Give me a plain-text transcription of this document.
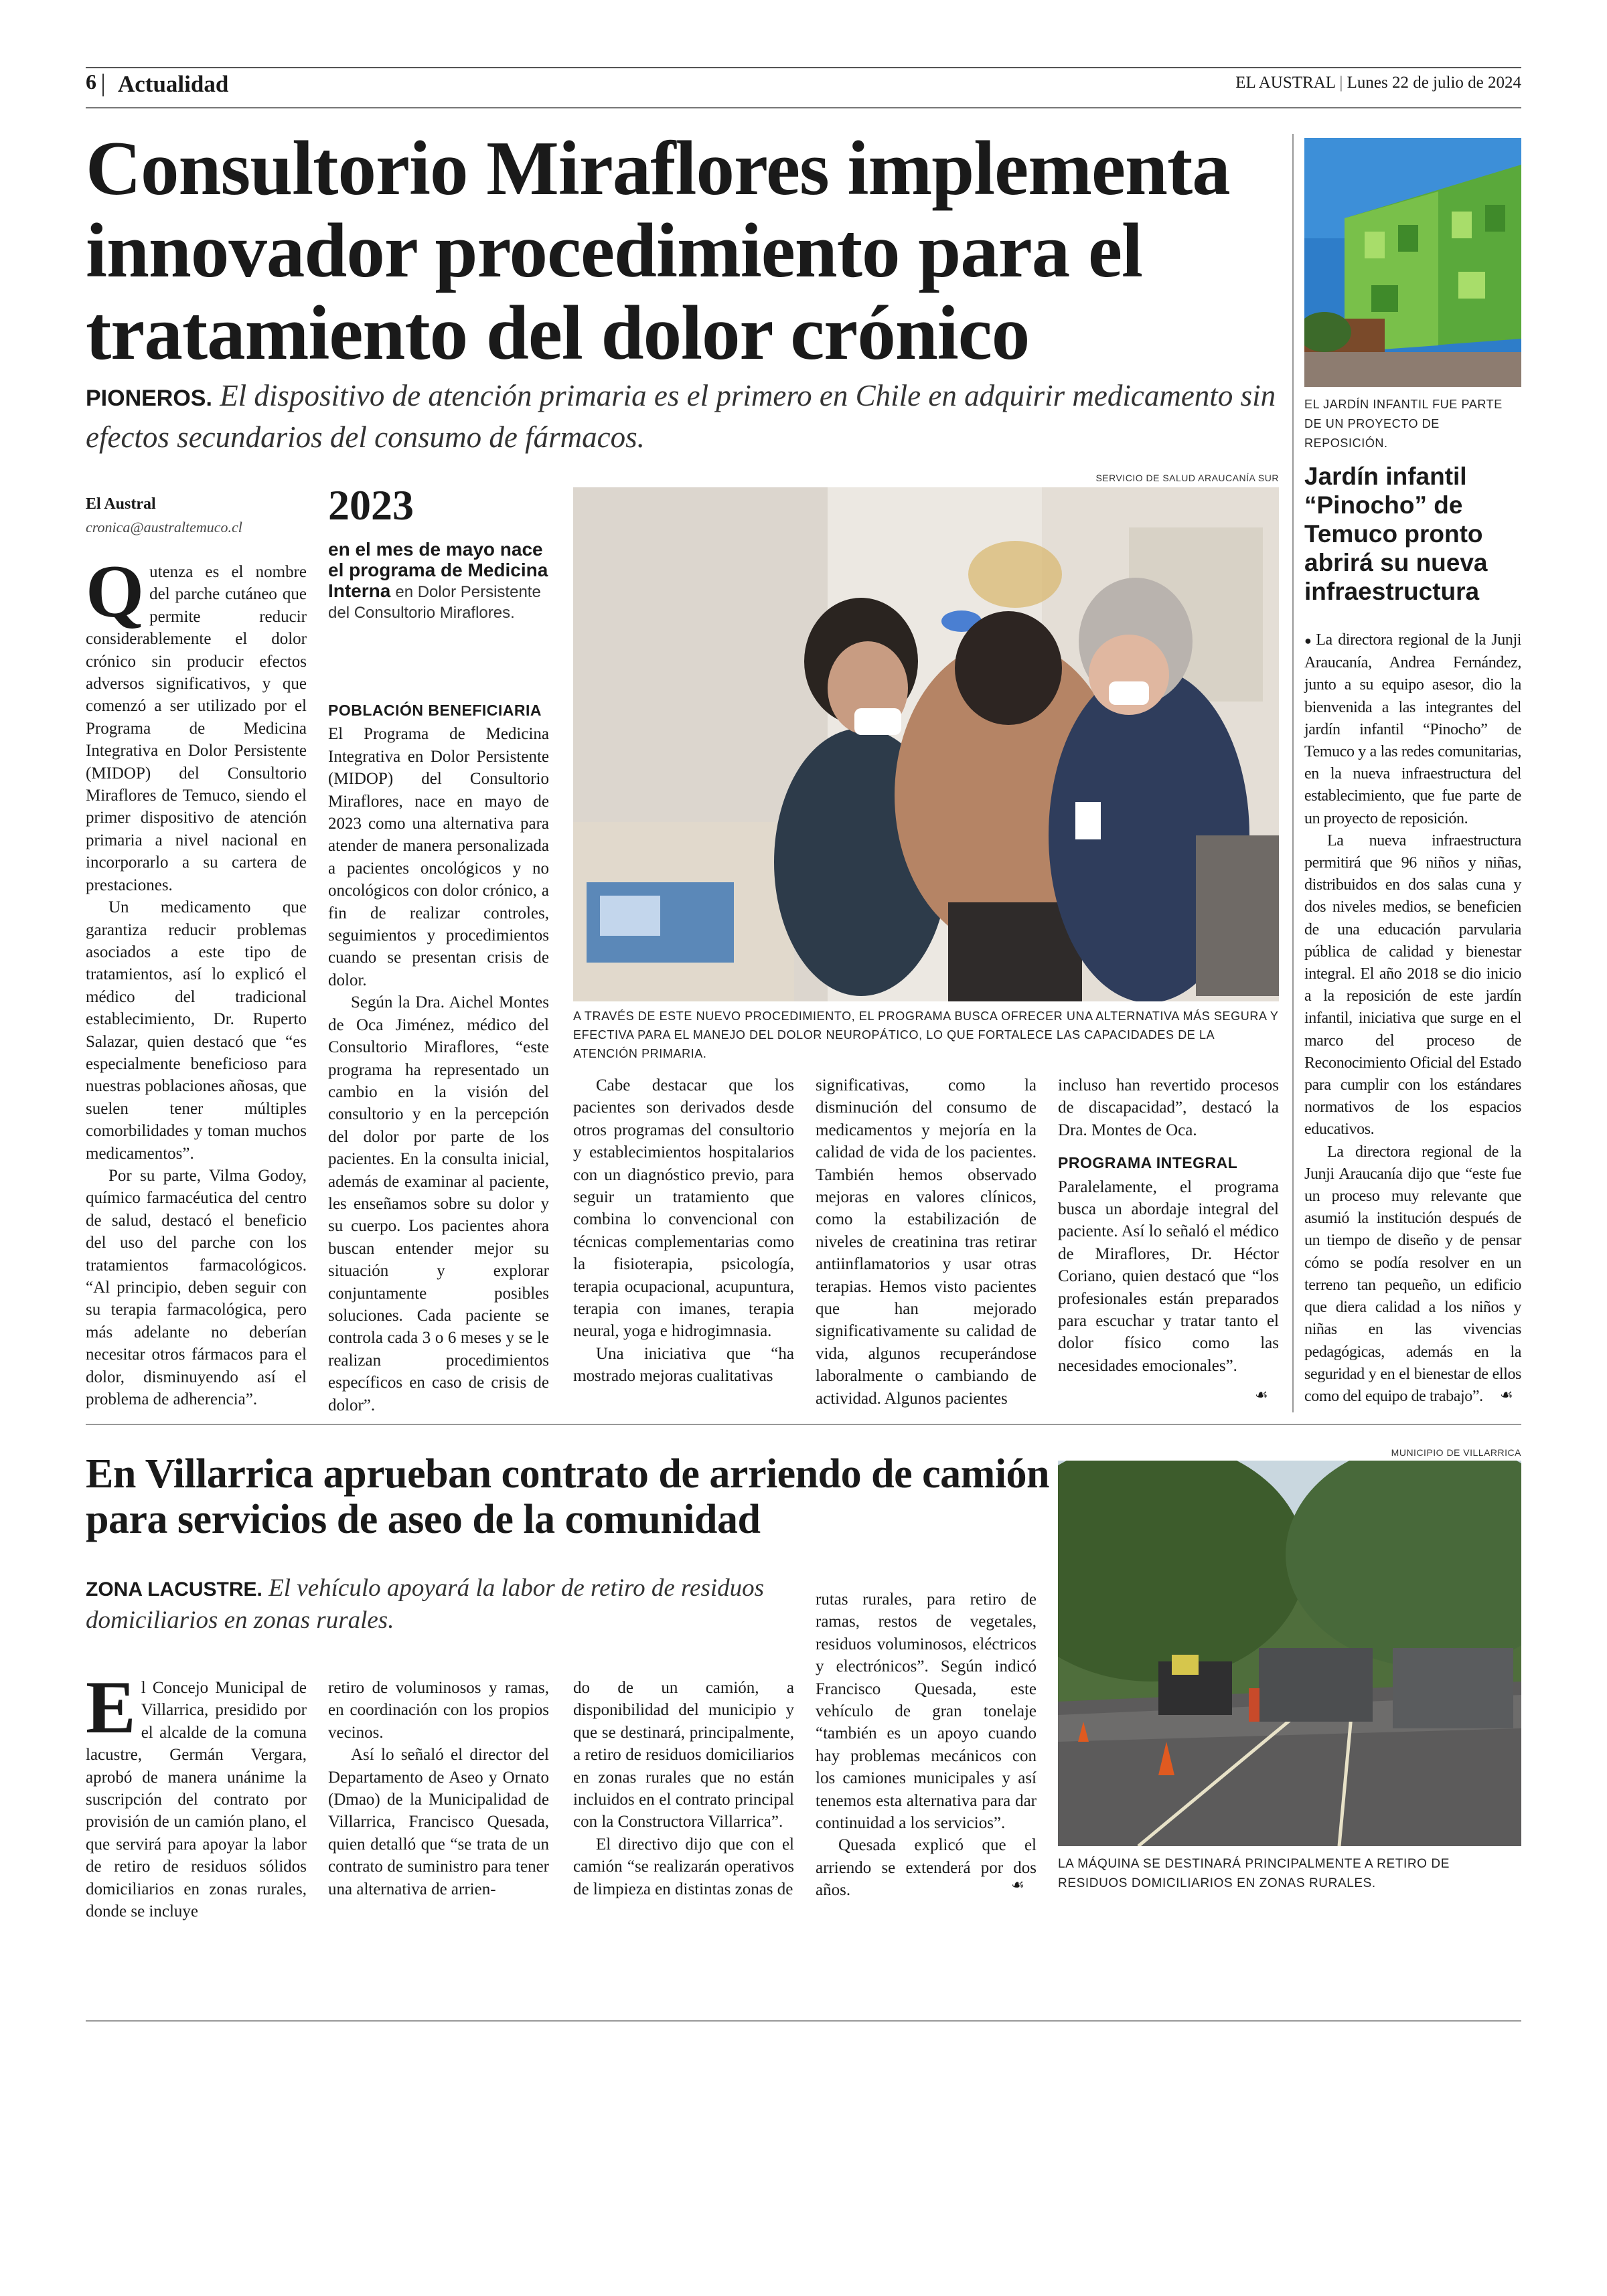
6 Actualidad	EL AUSTRAL | Lunes 22 de julio de 2024
Consultorio Miraflores implementa innovador procedimiento para el tratamiento del dolor crónico
PIONEROS. El dispositivo de atención primaria es el primero en Chile en adquirir medicamento sin efectos secundarios del consumo de fármacos.
El Austral
cronica@australtemuco.cl

Qutenza es el nombre del parche cutáneo que permite reducir considerablemente el dolor crónico sin producir efectos adversos significativos, y que comenzó a ser utilizado por el Programa de Medicina Integrativa en Dolor Persistente (MIDOP) del Consultorio Miraflores de Temuco, siendo el primer dispositivo de atención primaria a nivel nacional en incorporarlo a su cartera de prestaciones.

Un medicamento que garantiza reducir problemas asociados a este tipo de tratamientos, así lo explicó el médico del tradicional establecimiento, Dr. Ruperto Salazar, quien destacó que “es especialmente beneficioso para nuestras poblaciones añosas, que suelen tener múltiples comorbilidades y toman muchos medicamentos”.

Por su parte, Vilma Godoy, químico farmacéutica del centro de salud, destacó el beneficio del uso del parche con los tratamientos farmacológicos. “Al principio, deben seguir con su terapia farmacológica, pero más adelante no deberían necesitar otros fármacos para el dolor, disminuyendo así el problema de adherencia”.

2023
en el mes de mayo nace el programa de Medicina Interna en Dolor Persistente del Consultorio Miraflores.
POBLACIÓN BENEFICIARIA

El Programa de Medicina Integrativa en Dolor Persistente (MIDOP) del Consultorio Miraflores, nace en mayo de 2023 como una alternativa para atender de manera personalizada a pacientes oncológicos y no oncológicos con dolor crónico, a fin de realizar controles, seguimientos y procedimientos cuando se presentan crisis de dolor.

Según la Dra. Aichel Montes de Oca Jiménez, médico del Consultorio Miraflores, “este programa ha representado un cambio en la visión del consultorio y en la percepción del dolor por parte de los pacientes. En la consulta inicial, además de examinar al paciente, les enseñamos sobre su dolor y su cuerpo. Los pacientes ahora buscan entender mejor su situación y explorar conjuntamente posibles soluciones. Cada paciente se controla cada 3 o 6 meses y se le realizan procedimientos específicos en caso de crisis de dolor”.

SERVICIO DE SALUD ARAUCANÍA SUR
A TRAVÉS DE ESTE NUEVO PROCEDIMIENTO, EL PROGRAMA BUSCA OFRECER UNA ALTERNATIVA MÁS SEGURA Y EFECTIVA PARA EL MANEJO DEL DOLOR NEUROPÁTICO, LO QUE FORTALECE LAS CAPACIDADES DE LA ATENCIÓN PRIMARIA.

Cabe destacar que los pacientes son derivados desde otros programas del consultorio y establecimientos hospitalarios con un diagnóstico previo, para seguir un tratamiento que combina lo convencional con técnicas complementarias como la fisioterapia, psicología, terapia ocupacional, acupuntura, terapia con imanes, terapia neural, yoga e hidrogimnasia.

Una iniciativa que “ha mostrado mejoras cualitativas

significativas, como la disminución del consumo de medicamentos y mejoría en la calidad de vida de los pacientes. También hemos observado mejoras en valores clínicos, como la estabilización de niveles de creatinina tras retirar antiinflamatorios y usar otras terapias. Hemos visto pacientes que han mejorado significativamente su calidad de vida, algunos recuperándose laboralmente o cambiando de actividad. Algunos pacientes

incluso han revertido procesos de discapacidad”, destacó la Dra. Montes de Oca.

PROGRAMA INTEGRAL

Paralelamente, el programa busca un abordaje integral del paciente. Así lo señaló el médico de Miraflores, Dr. Héctor Coriano, quien destacó que “los profesionales están preparados para escuchar y tratar tanto el dolor físico como las necesidades emocionales”.

☙
EL JARDÍN INFANTIL FUE PARTE DE UN PROYECTO DE REPOSICIÓN.
Jardín infantil “Pinocho” de Temuco pronto abrirá su nueva infraestructura

● La directora regional de la Junji Araucanía, Andrea Fernández, junto a su equipo asesor, dio la bienvenida a las integrantes del jardín infantil “Pinocho” de Temuco y a las redes comunitarias, en la nueva infraestructura del establecimiento, que fue parte de un proyecto de reposición.

La nueva infraestructura permitirá que 96 niños y niñas, distribuidos en dos salas cuna y dos niveles medios, se beneficien de una educación parvularia pública de calidad y bienestar integral. El año 2018 se dio inicio a la reposición de este jardín infantil, iniciativa que surge en el marco del proceso de Reconocimiento Oficial del Estado para cumplir con los estándares normativos de los espacios educativos.

La directora regional de la Junji Araucanía dijo que “este fue un proceso muy relevante que asumió la institución después de un tiempo de diseño y de pensar cómo se podía resolver en un terreno tan pequeño, un edificio que diera calidad a los niños y niñas en las vivencias pedagógicas, además en la seguridad y en el bienestar de ellos como del equipo de trabajo”.	☙
En Villarrica aprueban contrato de arriendo de camión para servicios de aseo de la comunidad
ZONA LACUSTRE. El vehículo apoyará la labor de retiro de residuos domiciliarios en zonas rurales.

El Concejo Municipal de Villarrica, presidido por el alcalde de la comuna lacustre, Germán Vergara, aprobó de manera unánime la suscripción del contrato por provisión de un camión plano, el que servirá para apoyar la labor de retiro de residuos sólidos domiciliarios en zonas rurales, donde se incluye

retiro de voluminosos y ramas, en coordinación con los propios vecinos.

Así lo señaló el director del Departamento de Aseo y Ornato (Dmao) de la Municipalidad de Villarrica, Francisco Quesada, quien detalló que “se trata de un contrato de suministro para tener una alternativa de arrien-

do de un camión, a disponibilidad del municipio y que se destinará, principalmente, a retiro de residuos domiciliarios en zonas rurales que no están incluidos en el contrato principal con la Constructora Villarrica”.

El directivo dijo que con el camión “se realizarán operativos de limpieza en distintas zonas de

rutas rurales, para retiro de ramas, restos de vegetales, residuos voluminosos, eléctricos y electrónicos”. Según indicó Francisco Quesada, este vehículo de gran tonelaje “también es un apoyo cuando hay problemas mecánicos con los camiones municipales y así tenemos esta alternativa para dar continuidad a los servicios”.

Quesada explicó que el arriendo se extenderá por dos años.	☙
MUNICIPIO DE VILLARRICA
LA MÁQUINA SE DESTINARÁ PRINCIPALMENTE A RETIRO DE RESIDUOS DOMICILIARIOS EN ZONAS RURALES.
